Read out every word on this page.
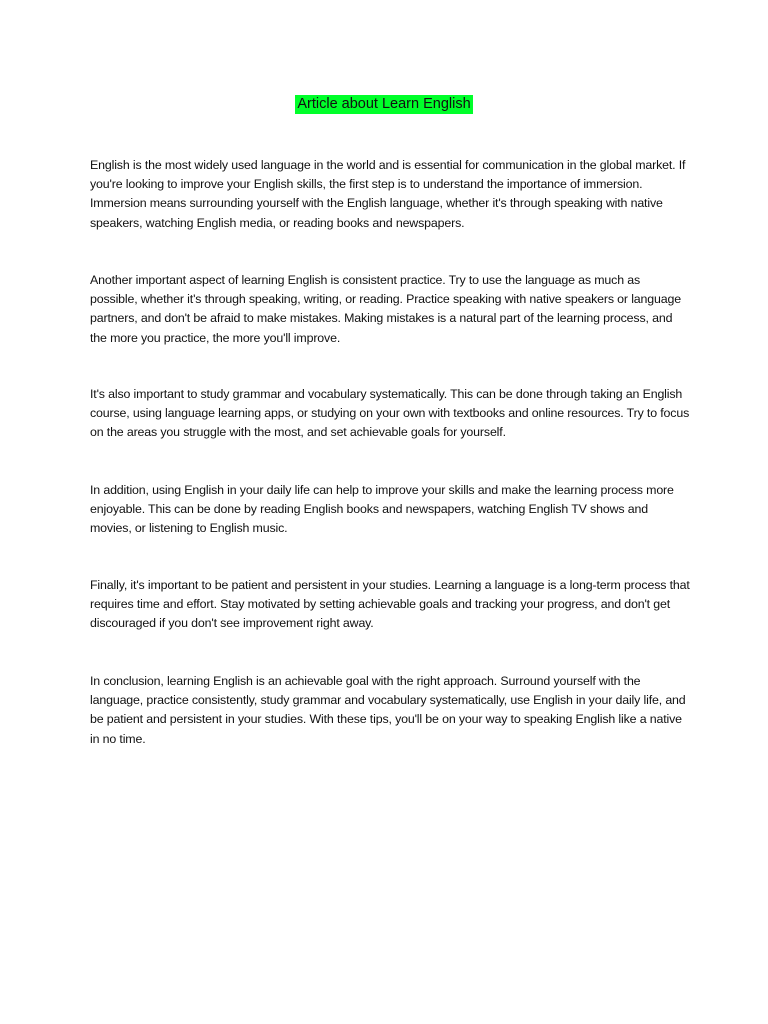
Article about Learn English

English is the most widely used language in the world and is essential for communication in the global market. If you're looking to improve your English skills, the first step is to understand the importance of immersion. Immersion means surrounding yourself with the English language, whether it's through speaking with native speakers, watching English media, or reading books and newspapers.

Another important aspect of learning English is consistent practice. Try to use the language as much as possible, whether it's through speaking, writing, or reading. Practice speaking with native speakers or language partners, and don't be afraid to make mistakes. Making mistakes is a natural part of the learning process, and the more you practice, the more you'll improve.

It's also important to study grammar and vocabulary systematically. This can be done through taking an English course, using language learning apps, or studying on your own with textbooks and online resources. Try to focus on the areas you struggle with the most, and set achievable goals for yourself.

In addition, using English in your daily life can help to improve your skills and make the learning process more enjoyable. This can be done by reading English books and newspapers, watching English TV shows and movies, or listening to English music.

Finally, it's important to be patient and persistent in your studies. Learning a language is a long-term process that requires time and effort. Stay motivated by setting achievable goals and tracking your progress, and don't get discouraged if you don't see improvement right away.

In conclusion, learning English is an achievable goal with the right approach. Surround yourself with the language, practice consistently, study grammar and vocabulary systematically, use English in your daily life, and be patient and persistent in your studies. With these tips, you'll be on your way to speaking English like a native in no time.
